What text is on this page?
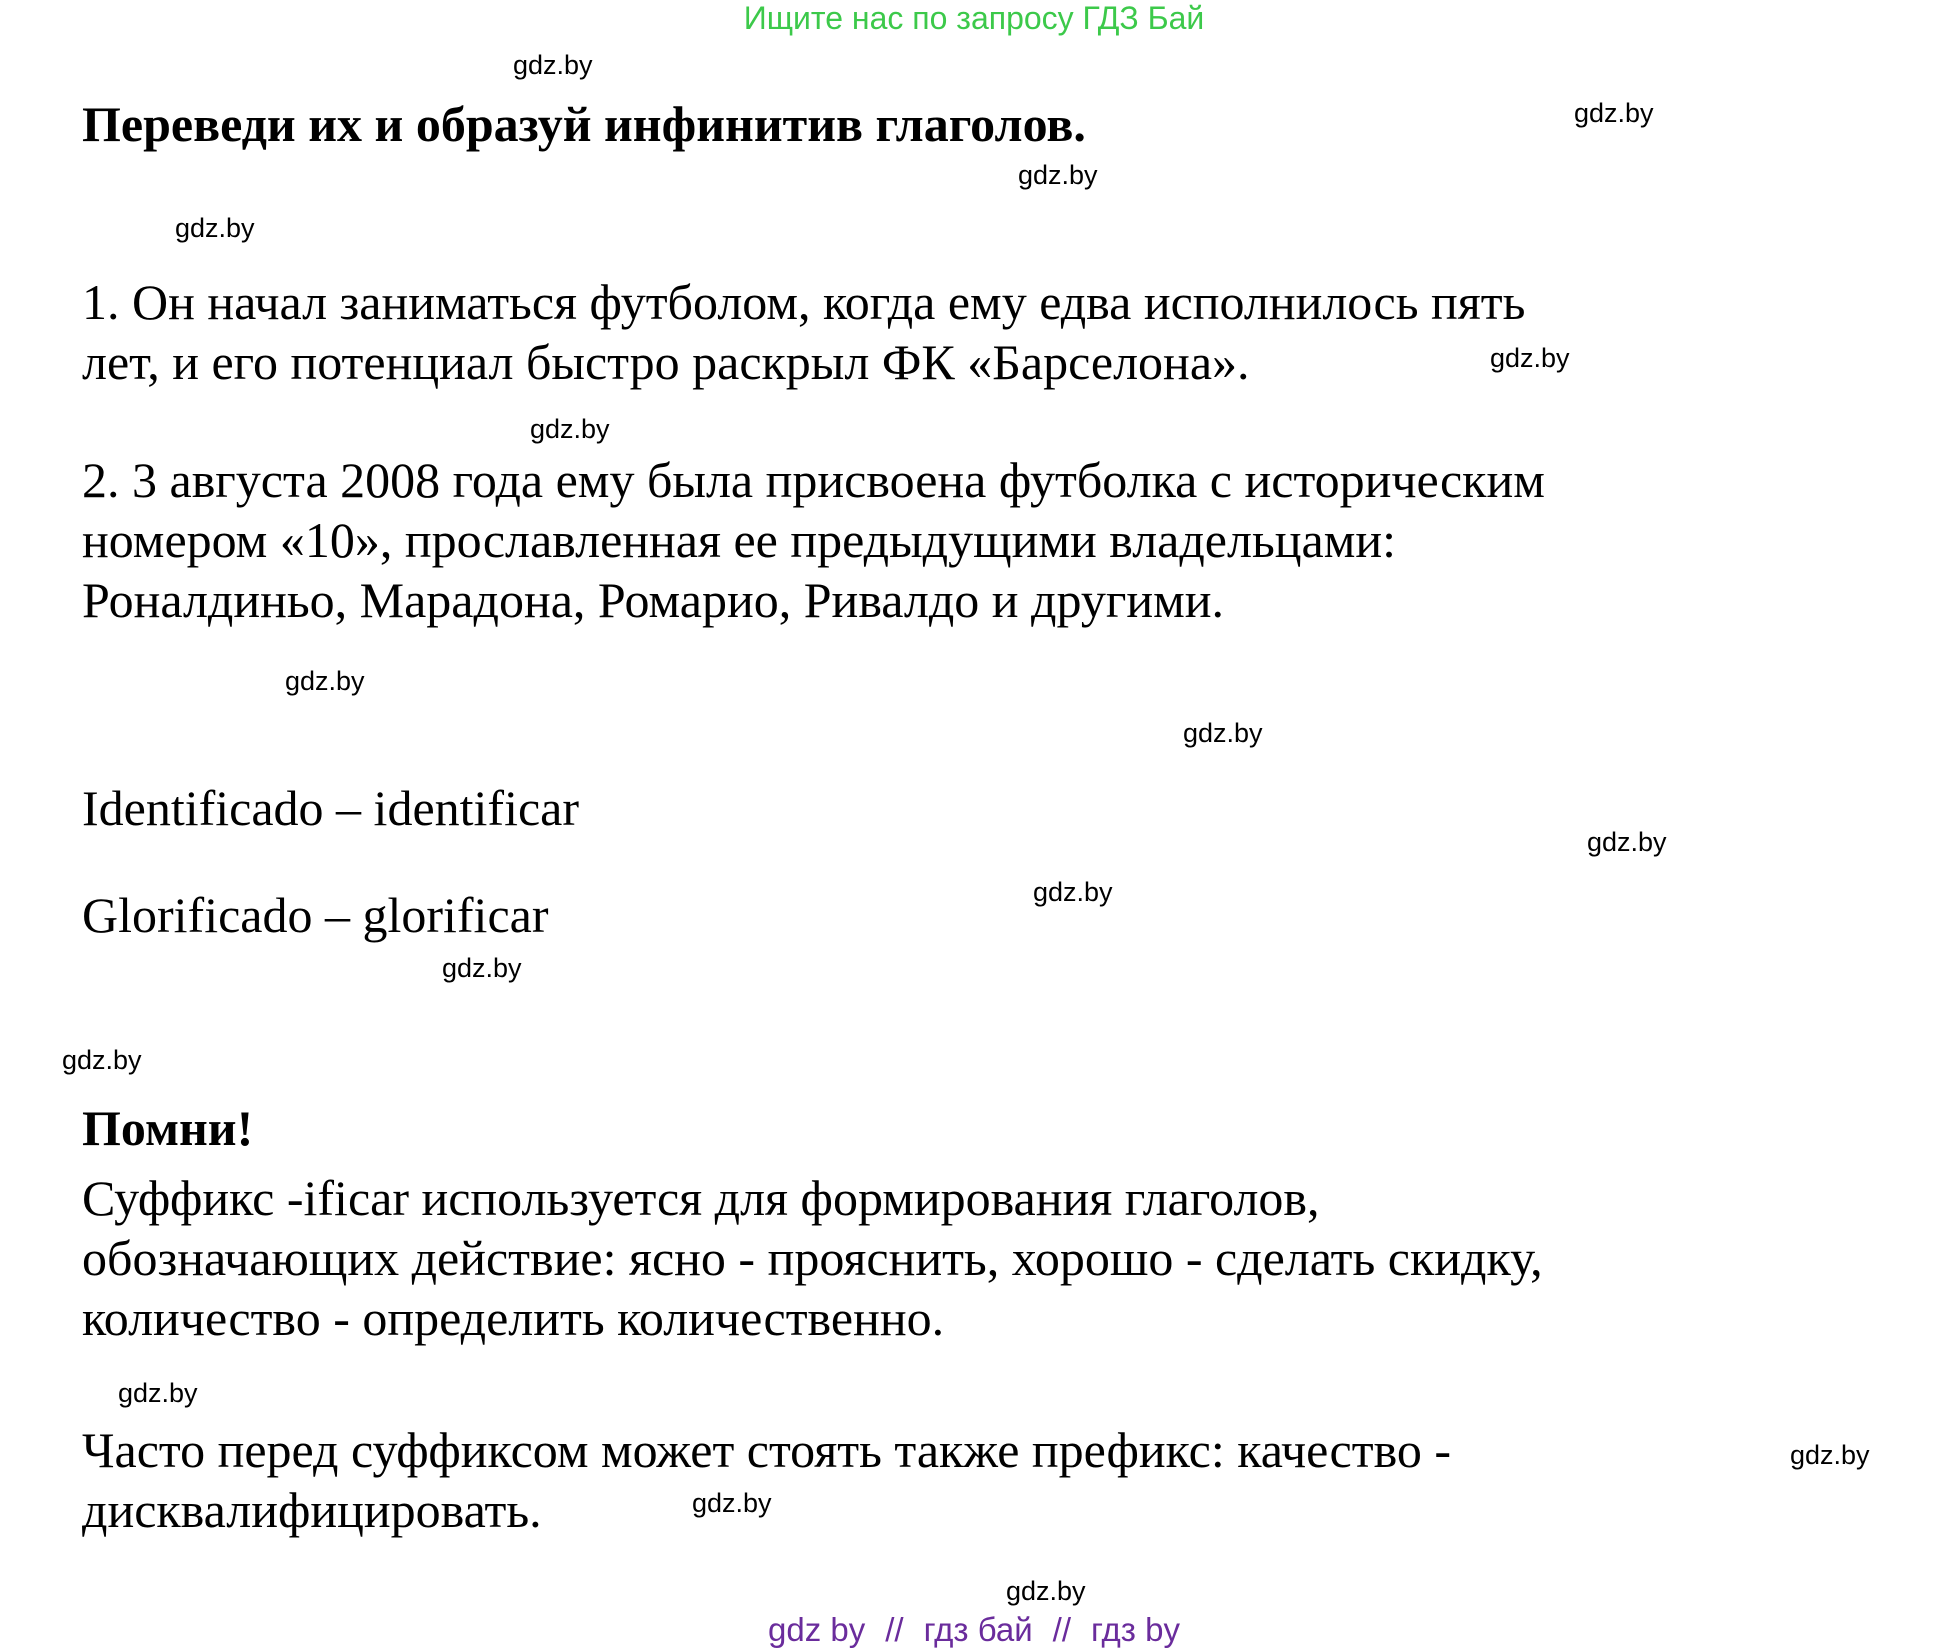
Ищите нас по запросу ГДЗ Бай
Переведи их и образуй инфинитив глаголов.
1. Он начал заниматься футболом, когда ему едва исполнилось пять
лет, и его потенциал быстро раскрыл ФК «Барселона».
2. 3 августа 2008 года ему была присвоена футболка с историческим
номером «10», прославленная ее предыдущими владельцами:
Роналдиньо, Марадона, Ромарио, Ривалдо и другими.
Identificado – identificar
Glorificado – glorificar
Помни!
Суффикс -ificar используется для формирования глаголов,
обозначающих действие: ясно - прояснить, хорошо - сделать скидку,
количество - определить количественно.
Часто перед суффиксом может стоять также префикс: качество -
дисквалифицировать.
gdz.by
gdz.by
gdz.by
gdz.by
gdz.by
gdz.by
gdz.by
gdz.by
gdz.by
gdz.by
gdz.by
gdz.by
gdz.by
gdz.by
gdz.by
gdz.by
gdz by // гдз бай // гдз by
